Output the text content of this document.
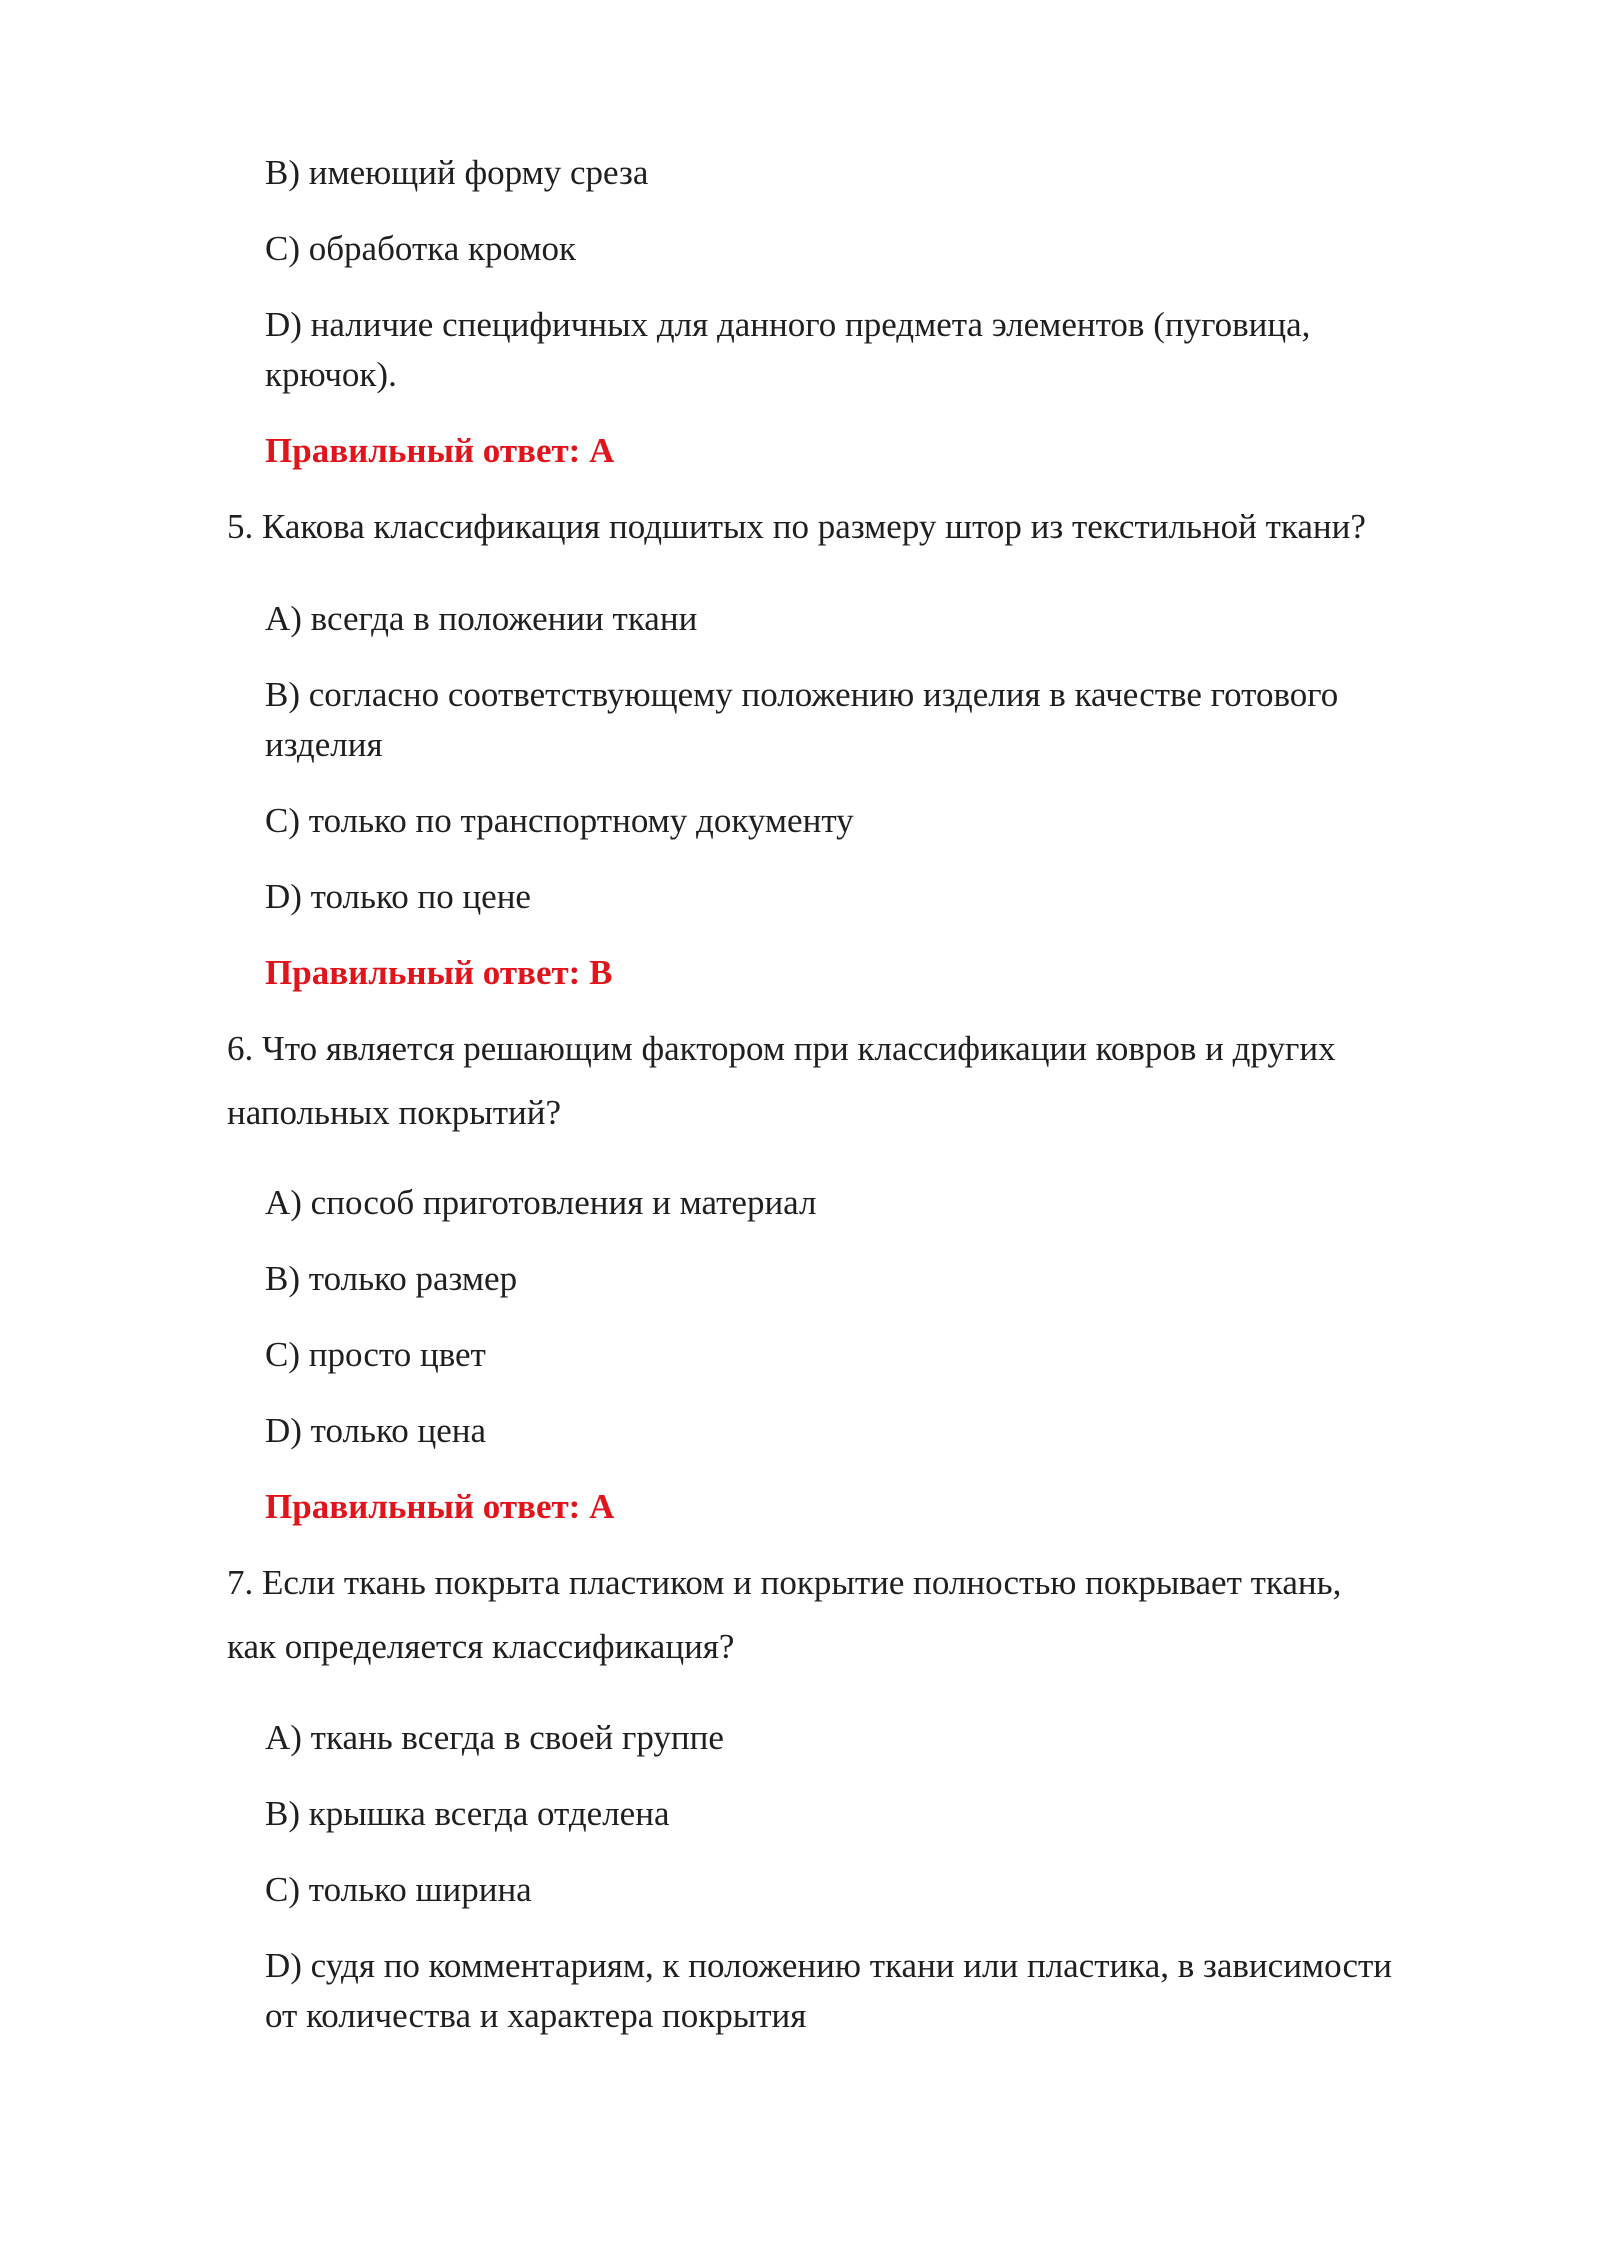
B) имеющий форму среза

C) обработка кромок

D) наличие специфичных для данного предмета элементов (пуговица,

крючок).

Правильный ответ: A

5. Какова классификация подшитых по размеру штор из текстильной ткани?

A) всегда в положении ткани

B) согласно соответствующему положению изделия в качестве готового

изделия

C) только по транспортному документу

D) только по цене

Правильный ответ: B

6. Что является решающим фактором при классификации ковров и других

напольных покрытий?

A) способ приготовления и материал

B) только размер

C) просто цвет

D) только цена

Правильный ответ: A

7. Если ткань покрыта пластиком и покрытие полностью покрывает ткань,

как определяется классификация?

A) ткань всегда в своей группе

B) крышка всегда отделена

C) только ширина

D) судя по комментариям, к положению ткани или пластика, в зависимости

от количества и характера покрытия
